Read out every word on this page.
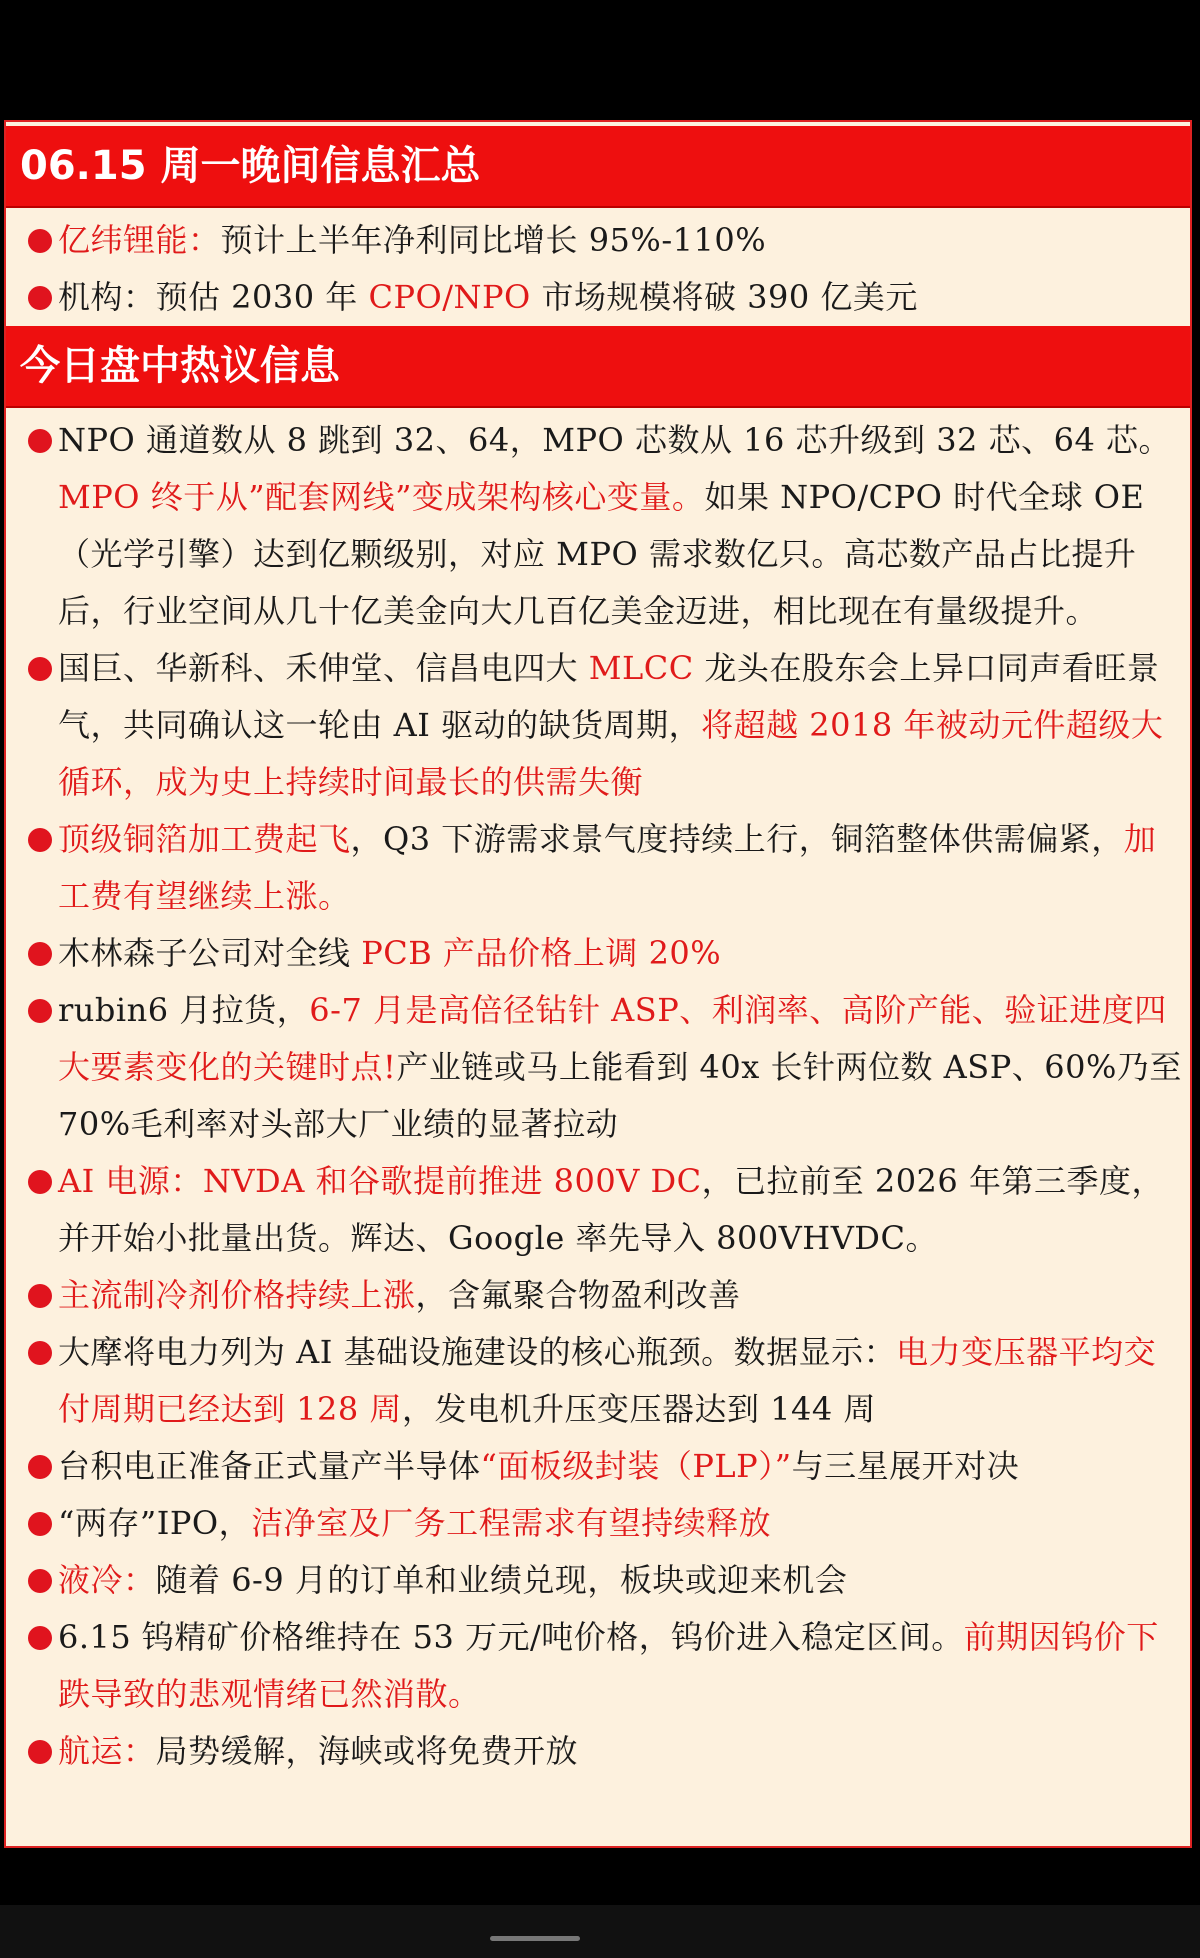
06.15 周一晚间信息汇总
亿纬锂能：预计上半年净利同比增长 95%-110%
机构：预估 2030 年 CPO/NPO 市场规模将破 390 亿美元
今日盘中热议信息
NPO 通道数从 8 跳到 32、64，MPO 芯数从 16 芯升级到 32 芯、64 芯。MPO 终于从”配套网线”变成架构核心变量。如果 NPO/CPO 时代全球 OE（光学引擎）达到亿颗级别，对应 MPO 需求数亿只。高芯数产品占比提升后，行业空间从几十亿美金向大几百亿美金迈进，相比现在有量级提升。
国巨、华新科、禾伸堂、信昌电四大 MLCC 龙头在股东会上异口同声看旺景气，共同确认这一轮由 AI 驱动的缺货周期，将超越 2018 年被动元件超级大循环，成为史上持续时间最长的供需失衡
顶级铜箔加工费起飞，Q3 下游需求景气度持续上行，铜箔整体供需偏紧，加工费有望继续上涨。
木林森子公司对全线 PCB 产品价格上调 20%
rubin6 月拉货，6-7 月是高倍径钻针 ASP、利润率、高阶产能、验证进度四大要素变化的关键时点!产业链或马上能看到 40x 长针两位数 ASP、60%乃至 70%毛利率对头部大厂业绩的显著拉动
AI 电源：NVDA 和谷歌提前推进 800V DC，已拉前至 2026 年第三季度，并开始小批量出货。辉达、Google 率先导入 800VHVDC。
主流制冷剂价格持续上涨，含氟聚合物盈利改善
大摩将电力列为 AI 基础设施建设的核心瓶颈。数据显示：电力变压器平均交付周期已经达到 128 周，发电机升压变压器达到 144 周
台积电正准备正式量产半导体“面板级封装（PLP）”与三星展开对决
“两存”IPO，洁净室及厂务工程需求有望持续释放
液冷：随着 6-9 月的订单和业绩兑现，板块或迎来机会
6.15 钨精矿价格维持在 53 万元/吨价格，钨价进入稳定区间。前期因钨价下跌导致的悲观情绪已然消散。
航运：局势缓解，海峡或将免费开放
